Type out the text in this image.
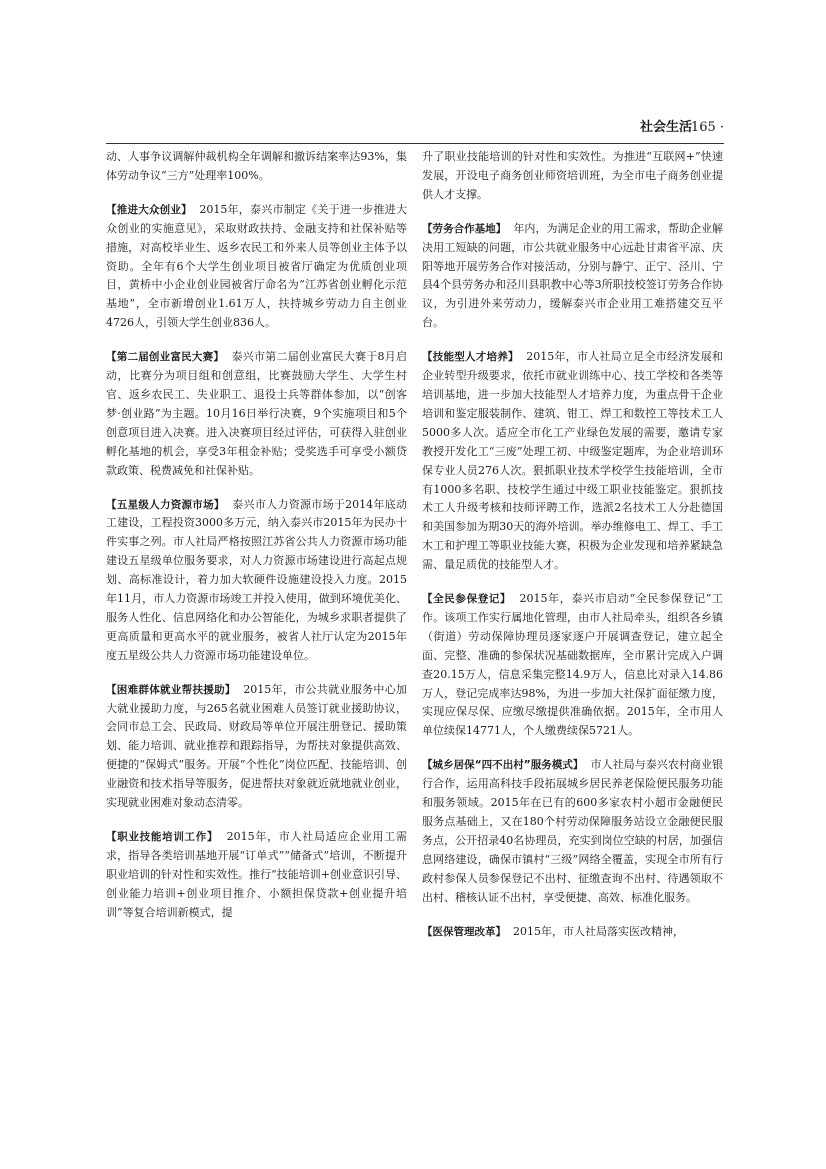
社会生活
· 165 ·

动、人事争议调解仲裁机构全年调解和撤诉结案率达93%，集体劳动争议“三方”处理率100%。

【推进大众创业】 2015年，泰兴市制定《关于进一步推进大众创业的实施意见》，采取财政扶持、金融支持和社保补贴等措施，对高校毕业生、返乡农民工和外来人员等创业主体予以资助。全年有6个大学生创业项目被省厅确定为优质创业项目，黄桥中小企业创业园被省厅命名为“江苏省创业孵化示范基地”，全市新增创业1.61万人，扶持城乡劳动力自主创业4726人，引领大学生创业836人。

【第二届创业富民大赛】 泰兴市第二届创业富民大赛于8月启动，比赛分为项目组和创意组，比赛鼓励大学生、大学生村官、返乡农民工、失业职工、退役士兵等群体参加，以“创客梦·创业路”为主题。10月16日举行决赛，9个实施项目和5个创意项目进入决赛。进入决赛项目经过评估，可获得入驻创业孵化基地的机会，享受3年租金补贴；受奖选手可享受小额贷款政策、税费减免和社保补贴。

【五星级人力资源市场】 泰兴市人力资源市场于2014年底动工建设，工程投资3000多万元，纳入泰兴市2015年为民办十件实事之列。市人社局严格按照江苏省公共人力资源市场功能建设五星级单位服务要求，对人力资源市场建设进行高起点规划、高标准设计，着力加大软硬件设施建设投入力度。2015年11月，市人力资源市场竣工并投入使用，做到环境优美化、服务人性化、信息网络化和办公智能化，为城乡求职者提供了更高质量和更高水平的就业服务，被省人社厅认定为2015年度五星级公共人力资源市场功能建设单位。

【困难群体就业帮扶援助】 2015年，市公共就业服务中心加大就业援助力度，与265名就业困难人员签订就业援助协议，会同市总工会、民政局、财政局等单位开展注册登记、援助策划、能力培训、就业推荐和跟踪指导，为帮扶对象提供高效、便捷的“保姆式”服务。开展“个性化”岗位匹配、技能培训、创业融资和技术指导等服务，促进帮扶对象就近就地就业创业，实现就业困难对象动态清零。

【职业技能培训工作】 2015年，市人社局适应企业用工需求，指导各类培训基地开展“订单式”“储备式”培训，不断提升职业培训的针对性和实效性。推行“技能培训+创业意识引导、创业能力培训+创业项目推介、小额担保贷款+创业提升培训”等复合培训新模式，提

升了职业技能培训的针对性和实效性。为推进“互联网+”快速发展，开设电子商务创业师资培训班，为全市电子商务创业提供人才支撑。

【劳务合作基地】 年内，为满足企业的用工需求，帮助企业解决用工短缺的问题，市公共就业服务中心远赴甘肃省平凉、庆阳等地开展劳务合作对接活动，分别与静宁、正宁、泾川、宁县4个县劳务办和泾川县职教中心等3所职技校签订劳务合作协议，为引进外来劳动力，缓解泰兴市企业用工难搭建交互平台。

【技能型人才培养】 2015年，市人社局立足全市经济发展和企业转型升级要求，依托市就业训练中心、技工学校和各类等培训基地，进一步加大技能型人才培养力度，为重点骨干企业培训和鉴定服装制作、建筑、钳工、焊工和数控工等技术工人5000多人次。适应全市化工产业绿色发展的需要，邀请专家教授开发化工“三废”处理工初、中级鉴定题库，为企业培训环保专业人员276人次。狠抓职业技术学校学生技能培训，全市有1000多名职、技校学生通过中级工职业技能鉴定。狠抓技术工人升级考核和技师评聘工作，选派2名技术工人分赴德国和美国参加为期30天的海外培训。举办维修电工、焊工、手工木工和护理工等职业技能大赛，积极为企业发现和培养紧缺急需、量足质优的技能型人才。

【全民参保登记】 2015年，泰兴市启动“全民参保登记”工作。该项工作实行属地化管理，由市人社局牵头，组织各乡镇（街道）劳动保障协理员逐家逐户开展调查登记，建立起全面、完整、准确的参保状况基础数据库，全市累计完成入户调查20.15万人，信息采集完整14.9万人，信息比对录入14.86万人，登记完成率达98%，为进一步加大社保扩面征缴力度，实现应保尽保、应缴尽缴提供准确依据。2015年，全市用人单位续保14771人，个人缴费续保5721人。

【城乡居保“四不出村”服务模式】 市人社局与泰兴农村商业银行合作，运用高科技手段拓展城乡居民养老保险便民服务功能和服务领域。2015年在已有的600多家农村小超市金融便民服务点基础上，又在180个村劳动保障服务站设立金融便民服务点，公开招录40名协理员，充实到岗位空缺的村居，加强信息网络建设，确保市镇村“三级”网络全覆盖，实现全市所有行政村参保人员参保登记不出村、征缴查询不出村、待遇领取不出村、稽核认证不出村，享受便捷、高效、标准化服务。

【医保管理改革】 2015年，市人社局落实医改精神，
